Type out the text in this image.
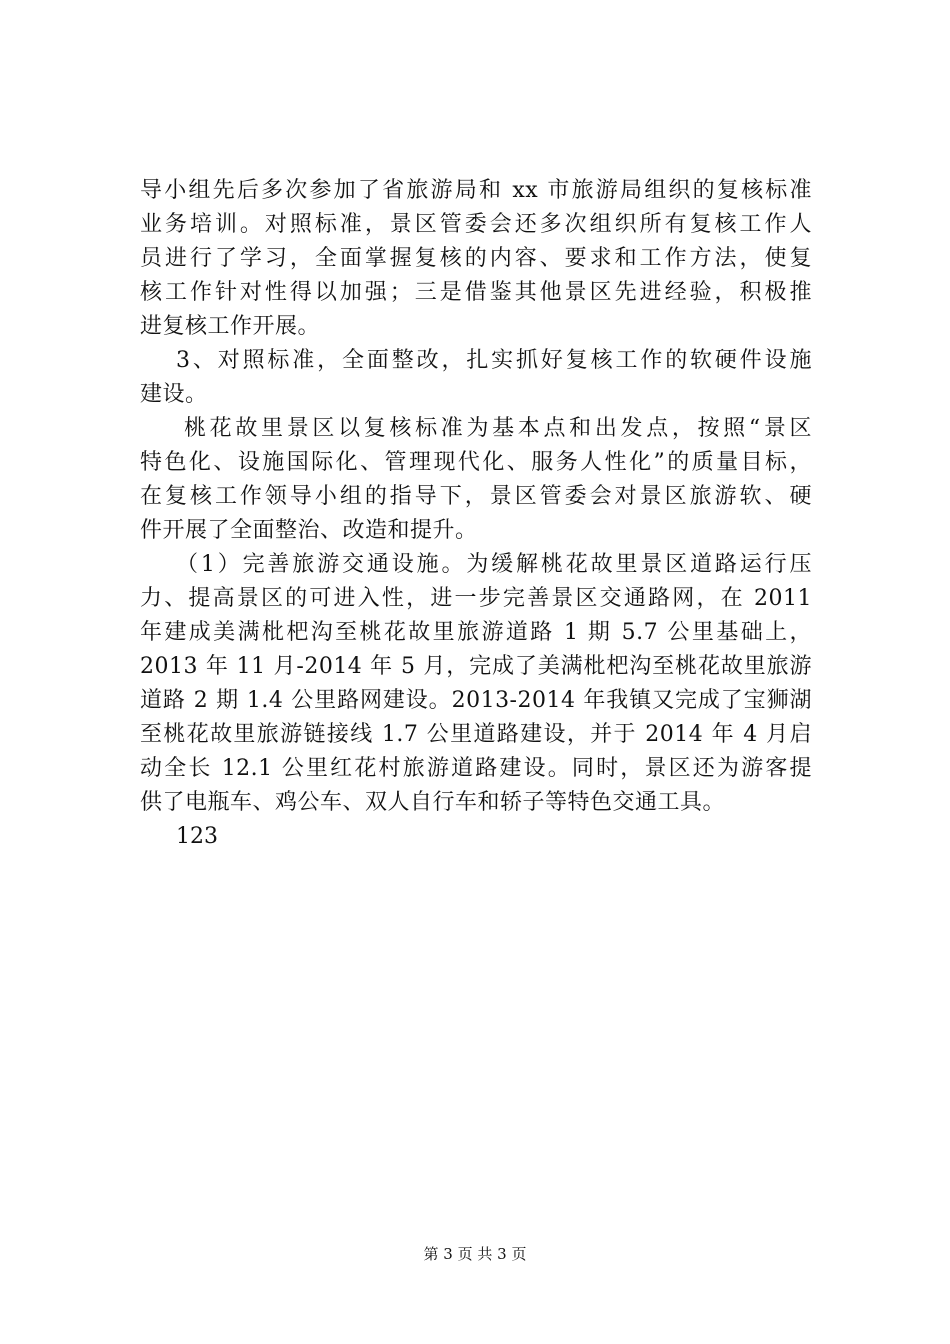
导小组先后多次参加了省旅游局和 xx 市旅游局组织的复核标准
业务培训。对照标准，景区管委会还多次组织所有复核工作人
员进行了学习，全面掌握复核的内容、要求和工作方法，使复
核工作针对性得以加强；三是借鉴其他景区先进经验，积极推
进复核工作开展。
3、对照标准，全面整改，扎实抓好复核工作的软硬件设施
建设。
桃花故里景区以复核标准为基本点和出发点，按照“景区
特色化、设施国际化、管理现代化、服务人性化”的质量目标，
在复核工作领导小组的指导下，景区管委会对景区旅游软、硬
件开展了全面整治、改造和提升。
（1）完善旅游交通设施。为缓解桃花故里景区道路运行压
力、提高景区的可进入性，进一步完善景区交通路网，在 2011
年建成美满枇杷沟至桃花故里旅游道路 1 期 5.7 公里基础上，
2013 年 11 月-2014 年 5 月，完成了美满枇杷沟至桃花故里旅游
道路 2 期 1.4 公里路网建设。2013-2014 年我镇又完成了宝狮湖
至桃花故里旅游链接线 1.7 公里道路建设，并于 2014 年 4 月启
动全长 12.1 公里红花村旅游道路建设。同时，景区还为游客提
供了电瓶车、鸡公车、双人自行车和轿子等特色交通工具。
123
第 3 页 共 3 页
